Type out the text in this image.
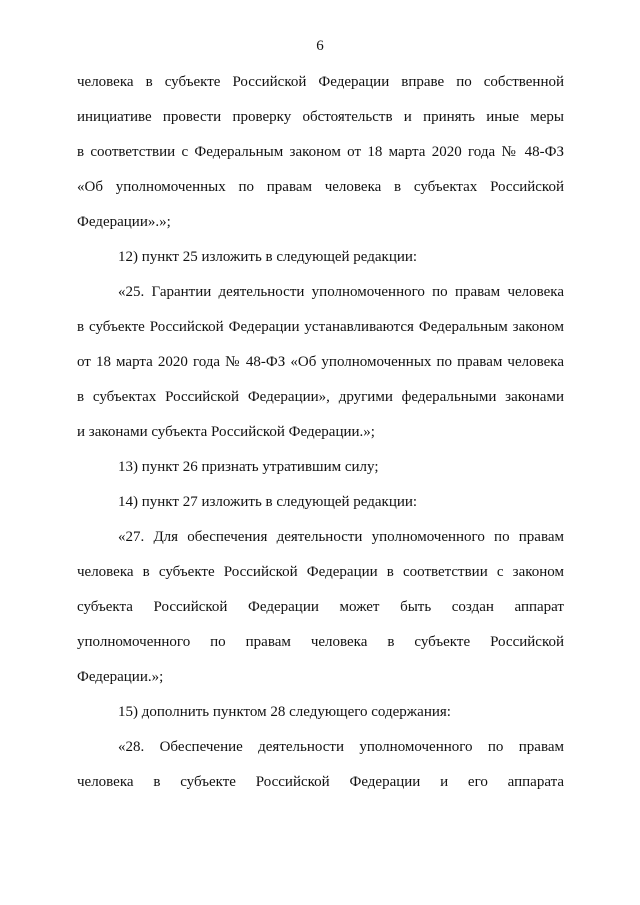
6
человека в субъекте Российской Федерации вправе по собственной
инициативе провести проверку обстоятельств и принять иные меры
в соответствии с Федеральным законом от 18 марта 2020 года № 48-ФЗ
«Об уполномоченных по правам человека в субъектах Российской
Федерации».»;
12) пункт 25 изложить в следующей редакции:
«25. Гарантии деятельности уполномоченного по правам человека
в субъекте Российской Федерации устанавливаются Федеральным законом
от 18 марта 2020 года № 48-ФЗ «Об уполномоченных по правам человека
в субъектах Российской Федерации», другими федеральными законами
и законами субъекта Российской Федерации.»;
13) пункт 26 признать утратившим силу;
14) пункт 27 изложить в следующей редакции:
«27. Для обеспечения деятельности уполномоченного по правам
человека в субъекте Российской Федерации в соответствии с законом
субъекта Российской Федерации может быть создан аппарат
уполномоченного по правам человека в субъекте Российской
Федерации.»;
15) дополнить пунктом 28 следующего содержания:
«28. Обеспечение деятельности уполномоченного по правам
человека в субъекте Российской Федерации и его аппарата
